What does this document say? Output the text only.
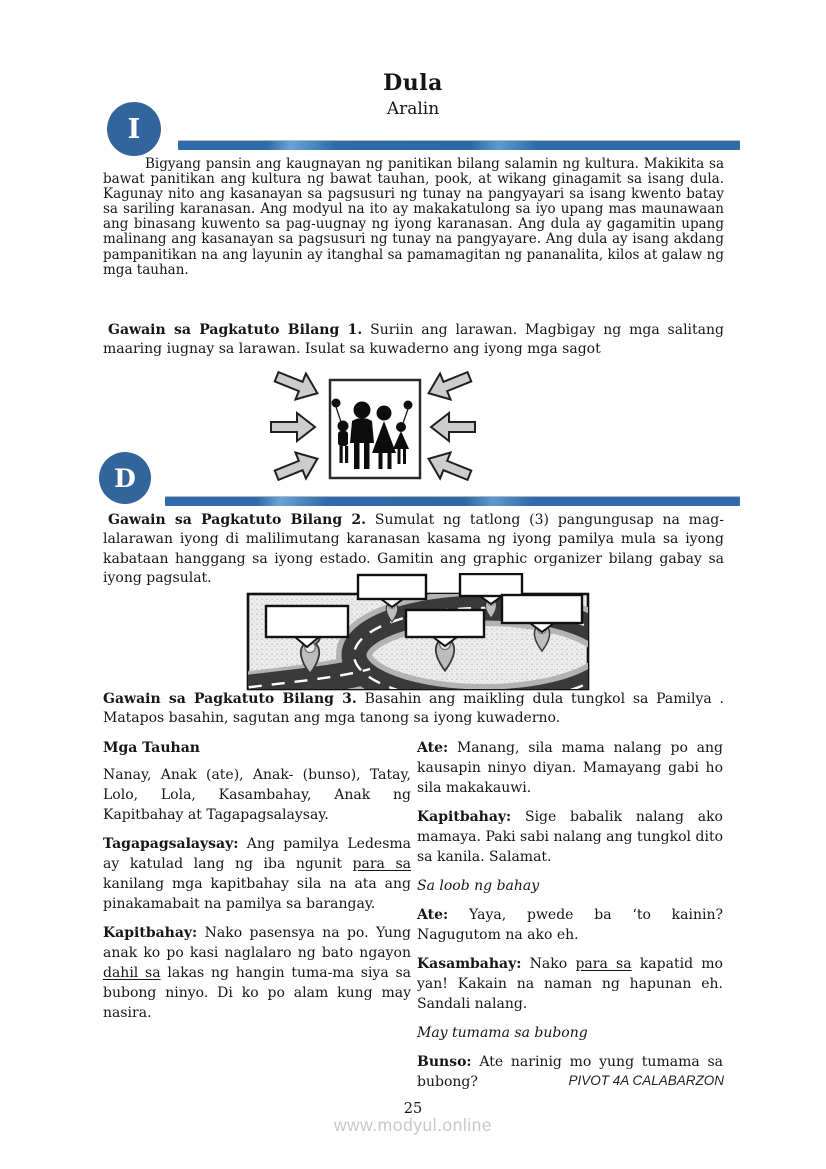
Dula
Aralin
I

Bigyang pansin ang kaugnayan ng panitikan bilang salamin ng kultura. Makikita sa bawat panitikan ang kultura ng bawat tauhan, pook, at wikang ginagamit sa isang dula. Kagunay nito ang kasanayan sa pagsusuri ng tunay na pangyayari sa isang kwento batay sa sariling karanasan. Ang modyul na ito ay makakatulong sa iyo upang mas maunawaan ang binasang kuwento sa pag-uugnay ng iyong karanasan. Ang dula ay gagamitin upang malinang ang kasanayan sa pagsusuri ng tunay na pangyayare. Ang dula ay isang akdang pampanitikan na ang layunin ay itanghal sa pamamagitan ng pananalita, kilos at galaw ng mga tauhan.

Gawain sa Pagkatuto Bilang 1. Suriin ang larawan. Magbigay ng mga salitang maaring iugnay sa larawan. Isulat sa kuwaderno ang iyong mga sagot

D

Gawain sa Pagkatuto Bilang 2. Sumulat ng tatlong (3) pangungusap na mag-lalarawan iyong di malilimutang karanasan kasama ng iyong pamilya mula sa iyong kabataan hanggang sa iyong estado. Gamitin ang graphic organizer bilang gabay sa iyong pagsulat.

Gawain sa Pagkatuto Bilang 3. Basahin ang maikling dula tungkol sa Pamilya . Matapos basahin, sagutan ang mga tanong sa iyong kuwaderno.

Mga Tauhan

Nanay, Anak (ate), Anak- (bunso), Tatay, Lolo, Lola, Kasambahay, Anak ng Kapitbahay at Tagapagsalaysay.

Tagapagsalaysay: Ang pamilya Ledesma ay katulad lang ng iba ngunit para sa kanilang mga kapitbahay sila na ata ang pinakamabait na pamilya sa barangay.

Kapitbahay: Nako pasensya na po. Yung anak ko po kasi naglalaro ng bato ngayon dahil sa lakas ng hangin tuma-ma siya sa bubong ninyo. Di ko po alam kung may nasira.

Ate: Manang, sila mama nalang po ang kausapin ninyo diyan. Mamayang gabi ho sila makakauwi.

Kapitbahay: Sige babalik nalang ako mamaya. Paki sabi nalang ang tungkol dito sa kanila. Salamat.

Sa loob ng bahay

Ate: Yaya, pwede ba ‘to kainin? Nagugutom na ako eh.

Kasambahay: Nako para sa kapatid mo yan! Kakain na naman ng hapunan eh. Sandali nalang.

May tumama sa bubong

Bunso: Ate narinig mo yung tumama sa bubong?	PIVOT 4A CALABARZON
25
www.modyul.online
